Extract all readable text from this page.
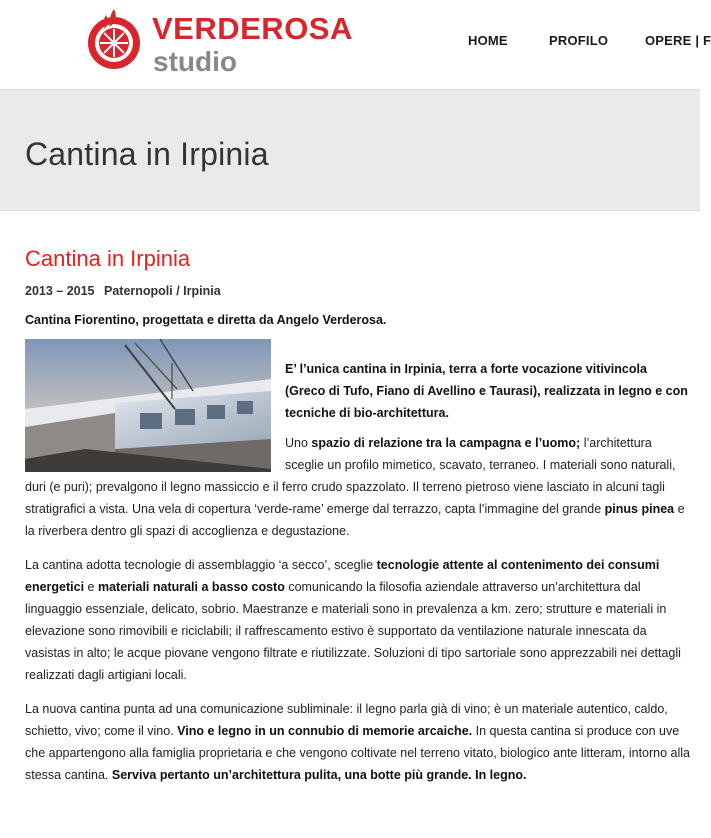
VERDEROSA
studio
HOME	PROFILO	OPERE | F
Cantina in Irpinia
Cantina in Irpinia
2013 – 2015 Paternopoli / Irpinia
Cantina Fiorentino, progettata e diretta da Angelo Verderosa.

E’ l’unica cantina in Irpinia, terra a forte vocazione vitivincola (Greco di Tufo, Fiano di Avellino e Taurasi), realizzata in legno e con tecniche di bio-architettura.

Uno spazio di relazione tra la campagna e l’uomo; l’architettura sceglie un profilo mimetico, scavato, terraneo. I materiali sono naturali, duri (e puri); prevalgono il legno massiccio e il ferro crudo spazzolato. Il terreno pietroso viene lasciato in alcuni tagli stratigrafici a vista. Una vela di copertura ‘verde-rame’ emerge dal terrazzo, capta l’immagine del grande pinus pinea e la riverbera dentro gli spazi di accoglienza e degustazione.

La cantina adotta tecnologie di assemblaggio ‘a secco’, sceglie tecnologie attente al contenimento dei consumi energetici e materiali naturali a basso costo comunicando la filosofia aziendale attraverso un’architettura dal linguaggio essenziale, delicato, sobrio. Maestranze e materiali sono in prevalenza a km. zero; strutture e materiali in elevazione sono rimovibili e riciclabili; il raffrescamento estivo è supportato da ventilazione naturale innescata da vasistas in alto; le acque piovane vengono filtrate e riutilizzate. Soluzioni di tipo sartoriale sono apprezzabili nei dettagli realizzati dagli artigiani locali.

La nuova cantina punta ad una comunicazione subliminale: il legno parla già di vino; è un materiale autentico, caldo, schietto, vivo; come il vino. Vino e legno in un connubio di memorie arcaiche. In questa cantina si produce con uve che appartengono alla famiglia proprietaria e che vengono coltivate nel terreno vitato, biologico ante litteram, intorno alla stessa cantina. Serviva pertanto un’architettura pulita, una botte più grande. In legno.
